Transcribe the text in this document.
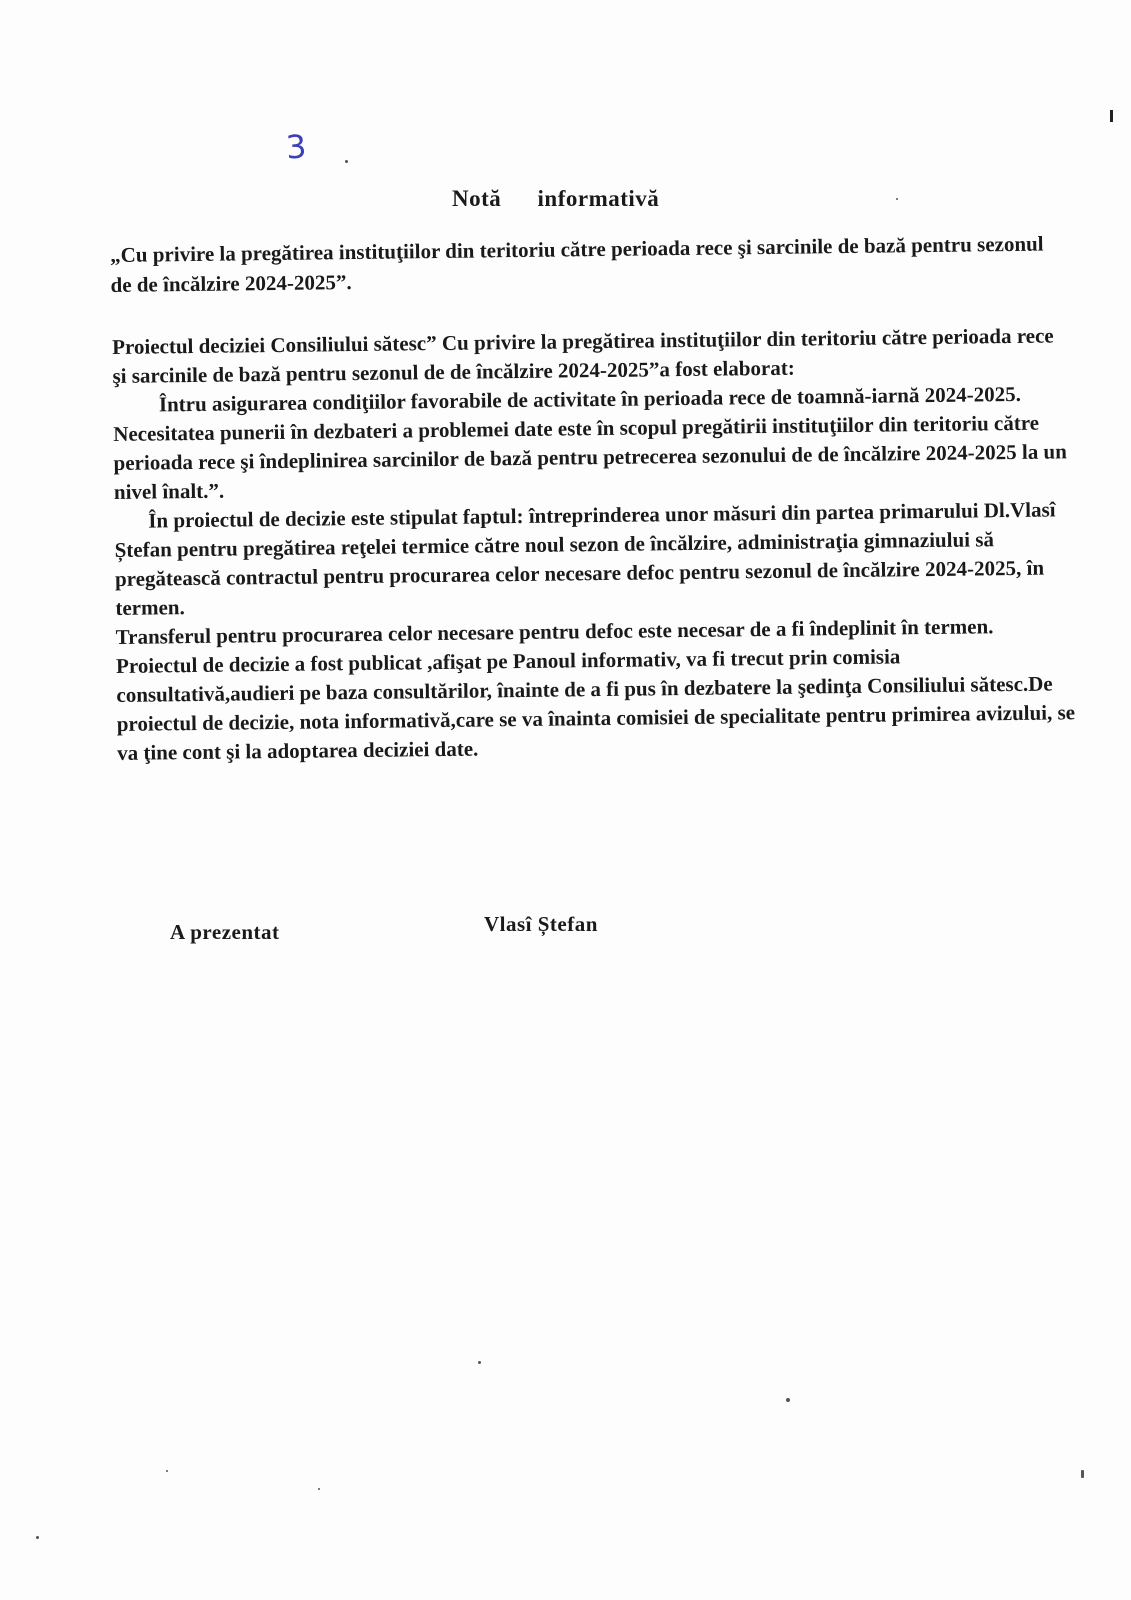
3
Notă informativă
„Cu privire la pregătirea instituţiilor din teritoriu către perioada rece şi sarcinile de bază pentru sezonul de de încălzire 2024-2025”.

Proiectul deciziei Consiliului sătesc” Cu privire la pregătirea instituţiilor din teritoriu către perioada rece şi sarcinile de bază pentru sezonul de de încălzire 2024-2025”a fost elaborat:

Întru asigurarea condiţiilor favorabile de activitate în perioada rece de toamnă-iarnă 2024-2025.

Necesitatea punerii în dezbateri a problemei date este în scopul pregătirii instituţiilor din teritoriu către perioada rece şi îndeplinirea sarcinilor de bază pentru petrecerea sezonului de de încălzire 2024-2025 la un nivel înalt.”.

În proiectul de decizie este stipulat faptul: întreprinderea unor măsuri din partea primarului Dl.Vlasî Ștefan pentru pregătirea reţelei termice către noul sezon de încălzire, administraţia gimnaziului să pregătească contractul pentru procurarea celor necesare defoc pentru sezonul de încălzire 2024-2025, în termen.

Transferul pentru procurarea celor necesare pentru defoc este necesar de a fi îndeplinit în termen. Proiectul de decizie a fost publicat ,afişat pe Panoul informativ, va fi trecut prin comisia consultativă,audieri pe baza consultărilor, înainte de a fi pus în dezbatere la şedinţa Consiliului sătesc.De proiectul de decizie, nota informativă,care se va înainta comisiei de specialitate pentru primirea avizului, se va ţine cont şi la adoptarea deciziei date.

A prezentat	Vlasî Ștefan
